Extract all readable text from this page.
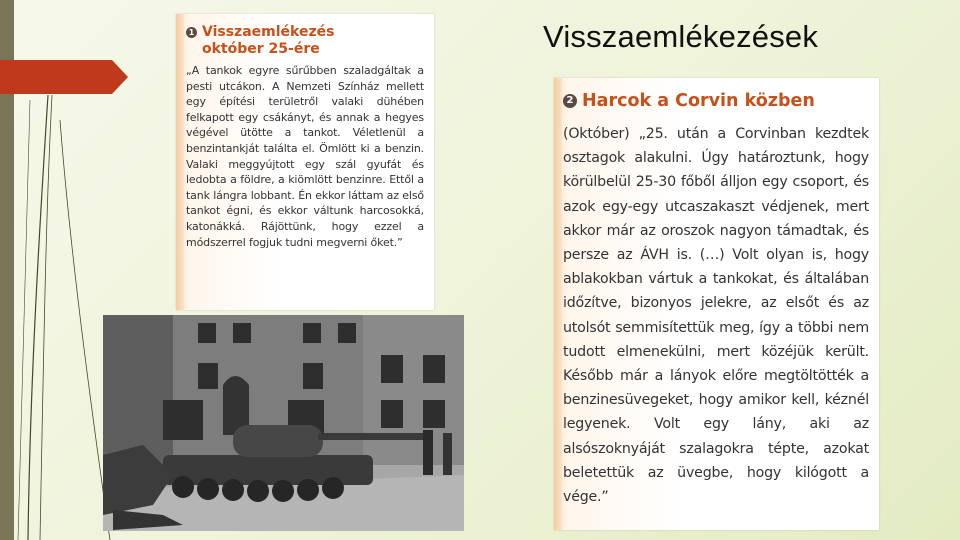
Visszaemlékezések
1 Visszaemlékezés október 25-ére

„A tankok egyre sűrűbben szaladgáltak a pesti utcákon. A Nemzeti Színház mellett egy építési területről valaki dühében felkapott egy csákányt, és annak a hegyes végével ütötte a tankot. Véletlenül a benzintankját találta el. Ömlött ki a benzin. Valaki meggyújtott egy szál gyufát és ledobta a földre, a kiömlött benzinre. Ettől a tank lángra lobbant. Én ekkor láttam az első tankot égni, és ekkor váltunk harcosokká, katonákká. Rájöttünk, hogy ezzel a módszerrel fogjuk tudni megverni őket.”

2 Harcok a Corvin közben

(Október) „25. után a Corvinban kezdtek osztagok alakulni. Úgy határoztunk, hogy körülbelül 25-30 főből álljon egy csoport, és azok egy-egy utcaszakaszt védjenek, mert akkor már az oroszok nagyon támadtak, és persze az ÁVH is. (…) Volt olyan is, hogy ablakokban vártuk a tankokat, és általában időzítve, bizonyos jelekre, az elsőt és az utolsót semmisítettük meg, így a többi nem tudott elmenekülni, mert közéjük került. Később már a lányok előre megtöltötték a benzinesüvegeket, hogy amikor kell, kéznél legyenek. Volt egy lány, aki az alsószoknyáját szalagokra tépte, azokat beletettük az üvegbe, hogy kilógott a vége.”
